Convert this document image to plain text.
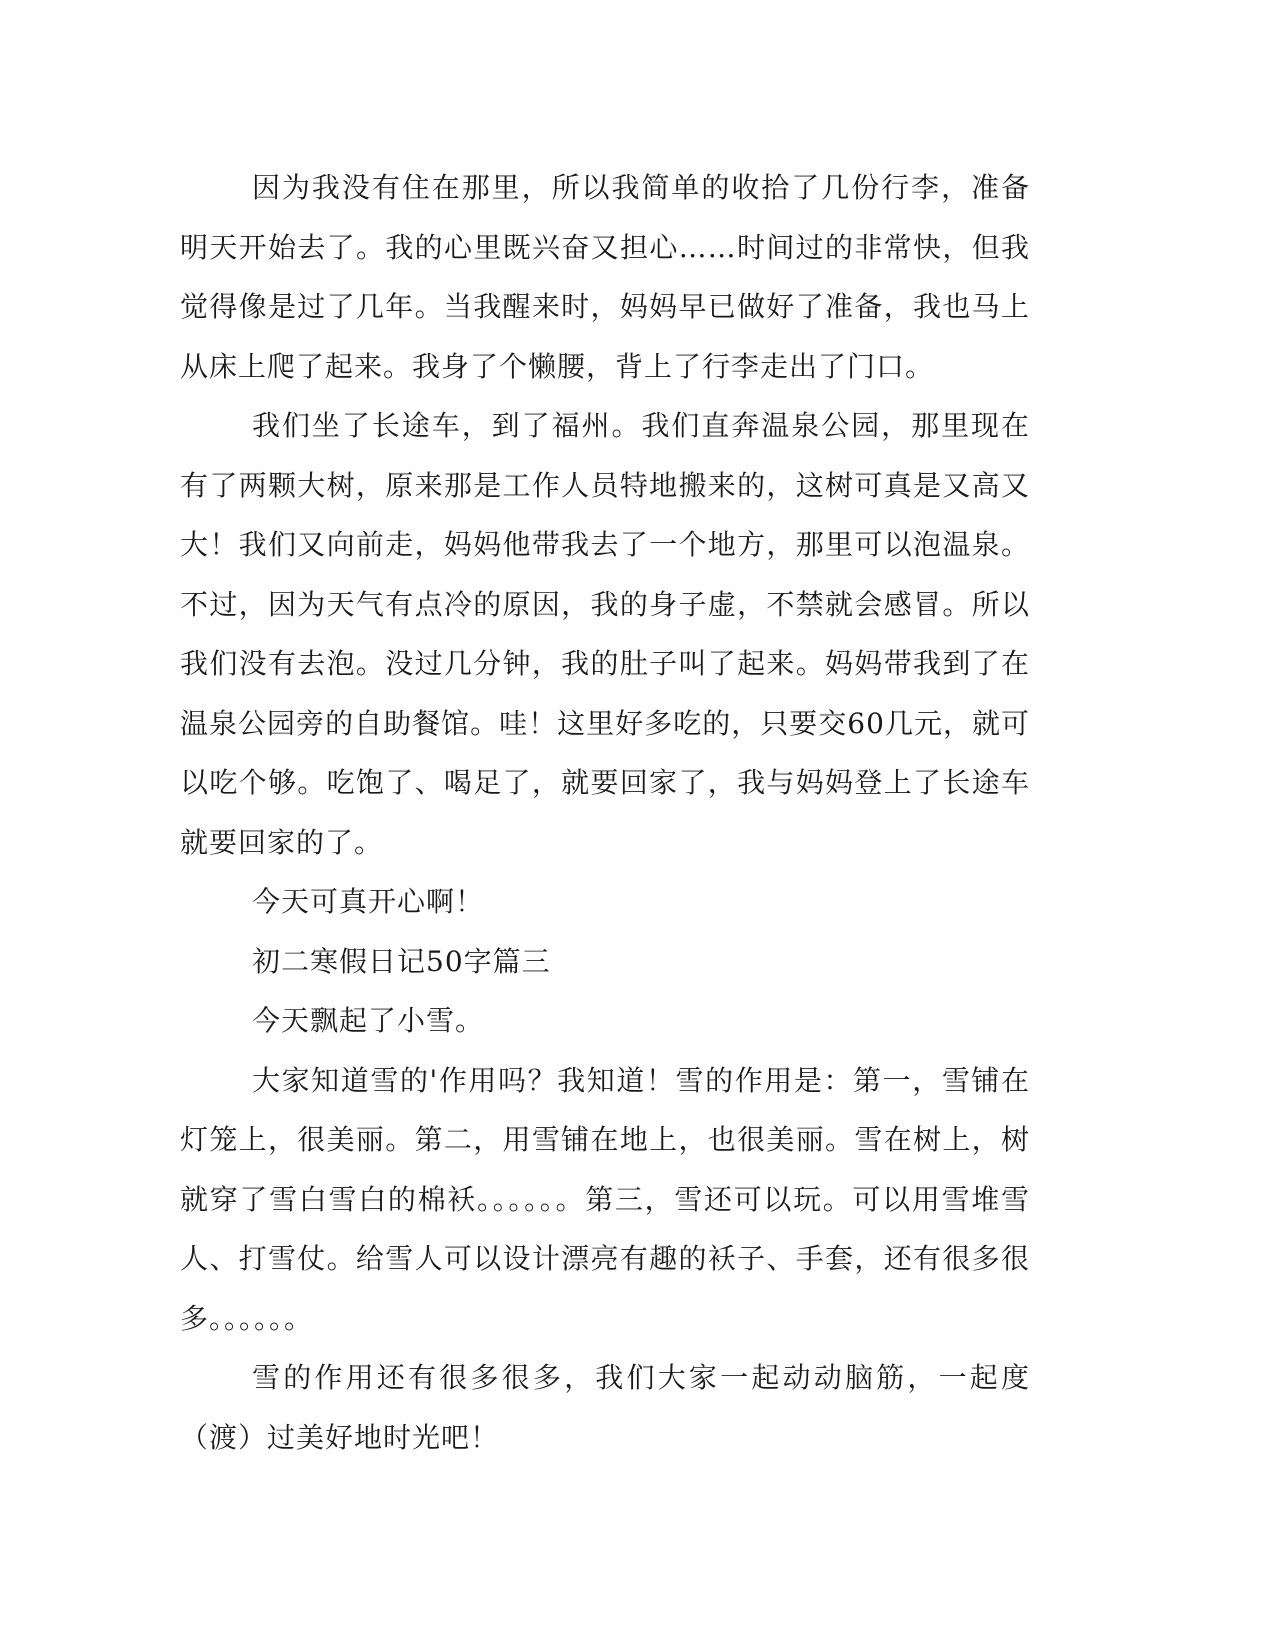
因为我没有住在那里，所以我简单的收拾了几份行李，准备明天开始去了。我的心里既兴奋又担心……时间过的非常快，但我觉得像是过了几年。当我醒来时，妈妈早已做好了准备，我也马上从床上爬了起来。我身了个懒腰，背上了行李走出了门口。

我们坐了长途车，到了福州。我们直奔温泉公园，那里现在有了两颗大树，原来那是工作人员特地搬来的，这树可真是又高又大！我们又向前走，妈妈他带我去了一个地方，那里可以泡温泉。不过，因为天气有点冷的原因，我的身子虚，不禁就会感冒。所以我们没有去泡。没过几分钟，我的肚子叫了起来。妈妈带我到了在温泉公园旁的自助餐馆。哇！这里好多吃的，只要交60几元，就可以吃个够。吃饱了、喝足了，就要回家了，我与妈妈登上了长途车就要回家的了。

今天可真开心啊！

初二寒假日记50字篇三

今天飘起了小雪。

大家知道雪的'作用吗？我知道！雪的作用是：第一，雪铺在灯笼上，很美丽。第二，用雪铺在地上，也很美丽。雪在树上，树就穿了雪白雪白的棉袄。。。。。。第三，雪还可以玩。可以用雪堆雪人、打雪仗。给雪人可以设计漂亮有趣的袄子、手套，还有很多很多。。。。。。

雪的作用还有很多很多，我们大家一起动动脑筋，一起度（渡）过美好地时光吧！
